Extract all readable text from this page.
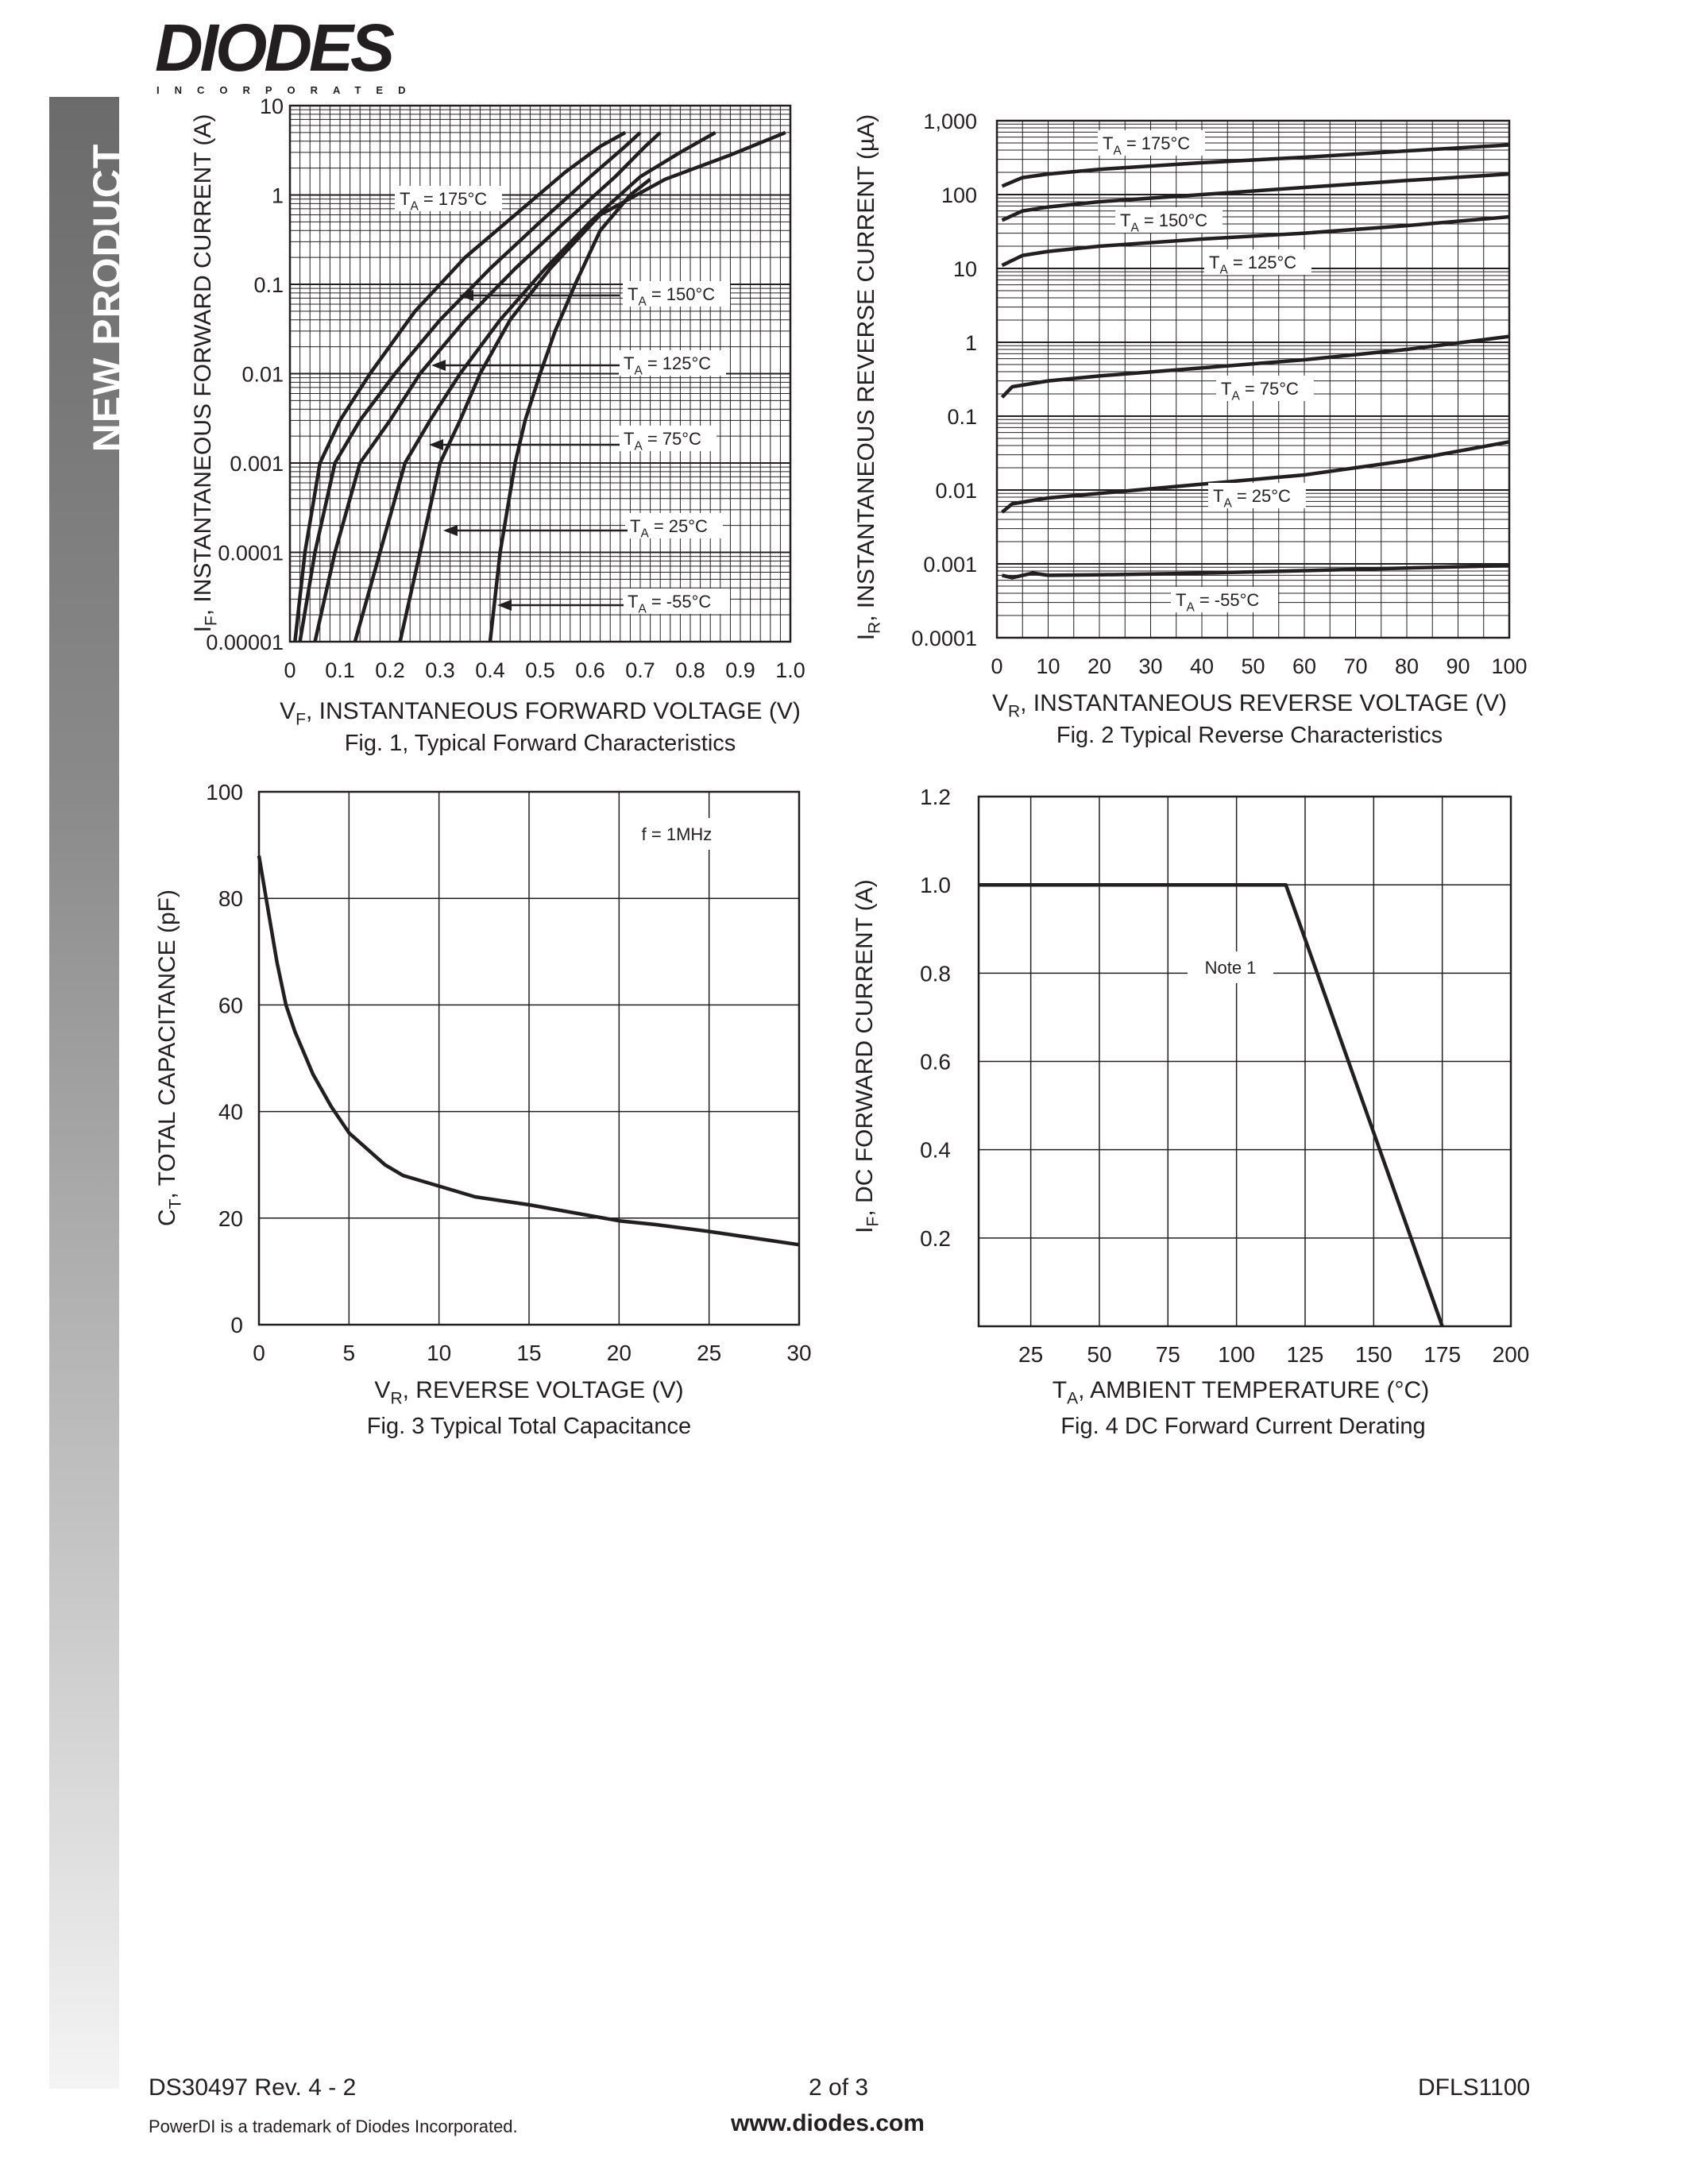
NEW PRODUCT
DIODES
INCORPORATED
0.00001
0.0001
0.001
0.01
0.1
1
10
0 0.1 0.2 0.3 0.4 0.5 0.6 0.7 0.8 0.9 1.0
$I_F$, INSTANTANEOUS FORWARD CURRENT (A)
$V_F$, INSTANTANEOUS FORWARD VOLTAGE (V)
Fig. 1, Typical Forward Characteristics
$T_A = 175^\circ C$
$T_A = 150^\circ C$
$T_A = 125^\circ C$
$T_A = 75^\circ C$
$T_A = 25^\circ C$
$T_A = -55^\circ C$
0.0001
0.001
0.01
0.1
1
10
100
1,000
0 10 20 30 40 50 60 70 80 90 100
$I_R$, INSTANTANEOUS REVERSE CURRENT (µA)
$V_R$, INSTANTANEOUS REVERSE VOLTAGE (V)
Fig. 2 Typical Reverse Characteristics
$T_A = 175^\circ C$
$T_A = 150^\circ C$
$T_A = 125^\circ C$
$T_A = 75^\circ C$
$T_A = 25^\circ C$
$T_A = -55^\circ C$
0
20
40
60
80
100
0	5	10	15	20	25	30
$C_T$, TOTAL CAPACITANCE (pF)
$V_R$, REVERSE VOLTAGE (V)
Fig. 3 Typical Total Capacitance
f = 1MHz
0.2
0.4
0.6
0.8
1.0
1.2
25 50 75 100 125 150 175 200
$I_F$, DC FORWARD CURRENT (A)
$T_A$, AMBIENT TEMPERATURE (°C)
Fig. 4 DC Forward Current Derating
Note 1
DS30497 Rev. 4 - 2	2 of 3	DFLS1100
PowerDI is a trademark of Diodes Incorporated.	www.diodes.com
